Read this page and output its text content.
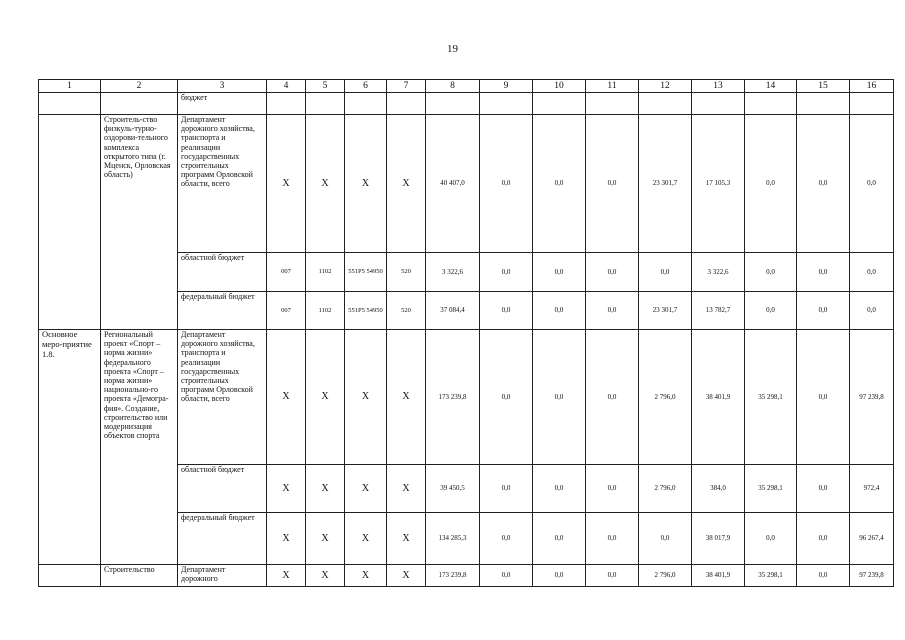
19
1	2	3	4	5	6	7	8	9	10	11	12	13	14	15	16
		бюджет													
	Строитель-ство физкуль-турно-оздорови-тельного комплекса открытого типа (г. Мценск, Орловская область)	Департамент дорожного хозяйства, транспорта и реализации государственных строительных программ Орловской области, всего	Х	Х	Х	Х	40 407,0	0,0	0,0	0,0	23 301,7	17 105,3	0,0	0,0	0,0
		областной бюджет	007	1102	551P5 54950	520	3 322,6	0,0	0,0	0,0	0,0	3 322,6	0,0	0,0	0,0
		федеральный бюджет	007	1102	551P5 54950	520	37 084,4	0,0	0,0	0,0	23 301,7	13 782,7	0,0	0,0	0,0
Основное меро-приятие 1.8.	Региональный проект «Спорт – норма жизни» федерального проекта «Спорт – норма жизни» национально-го проекта «Демогра-фия». Создание, строительство или модернизация объектов спорта	Департамент дорожного хозяйства, транспорта и реализации государственных строительных программ Орловской области, всего	Х	Х	Х	Х	173 239,8	0,0	0,0	0,0	2 796,0	38 401,9	35 298,1	0,0	97 239,8
		областной бюджет	Х	Х	Х	Х	39 450,5	0,0	0,0	0,0	2 796,0	384,0	35 298,1	0,0	972,4
		федеральный бюджет	Х	Х	Х	Х	134 285,3	0,0	0,0	0,0	0,0	38 017,9	0,0	0,0	96 267,4
	Строительство	Департамент дорожного	Х	Х	Х	Х	173 239,8	0,0	0,0	0,0	2 796,0	38 401,9	35 298,1	0,0	97 239,8
